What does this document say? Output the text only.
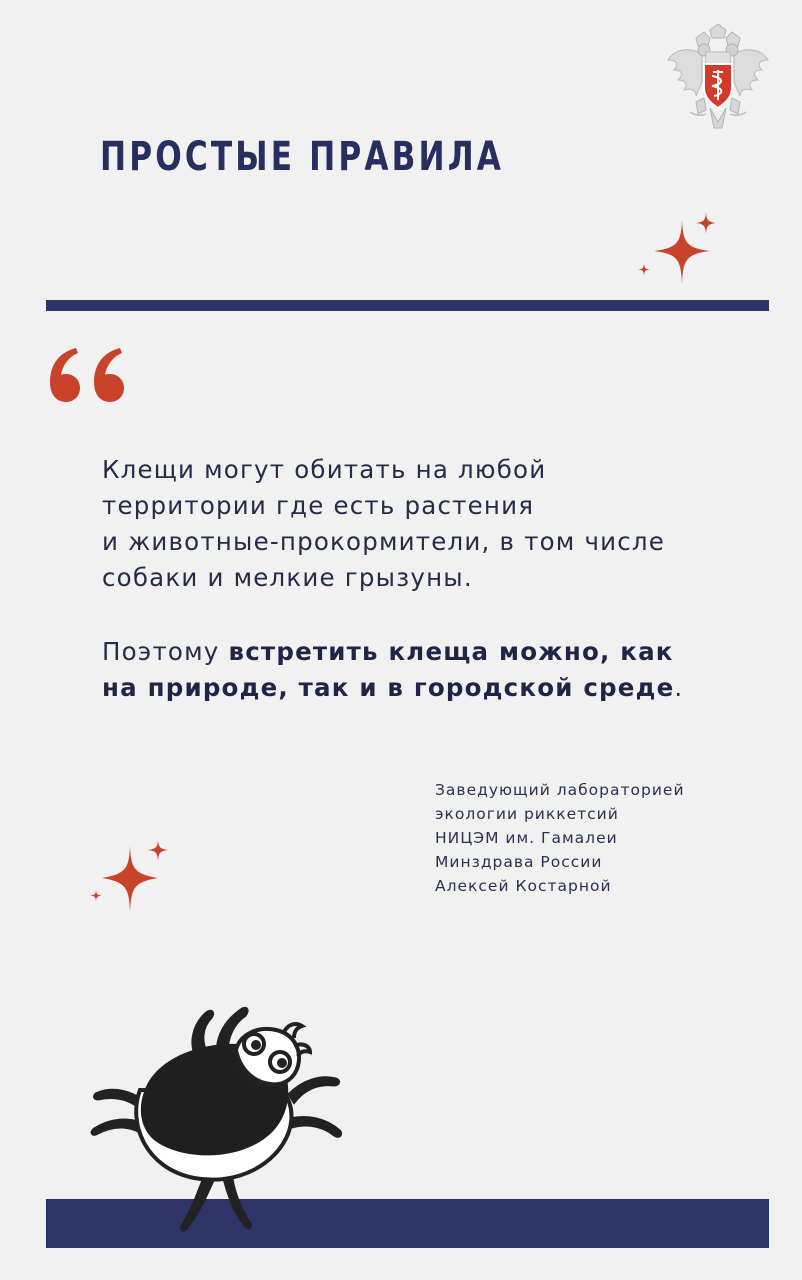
ПРОСТЫЕ ПРАВИЛА

Клещи могут обитать на любой
территории где есть растения
и животные-прокормители, в том числе
собаки и мелкие грызуны.

Поэтому встретить клеща можно, как
на природе, так и в городской среде.

Заведующий лабораторией
экологии риккетсий
НИЦЭМ им. Гамалеи
Минздрава России
Алексей Костарной
